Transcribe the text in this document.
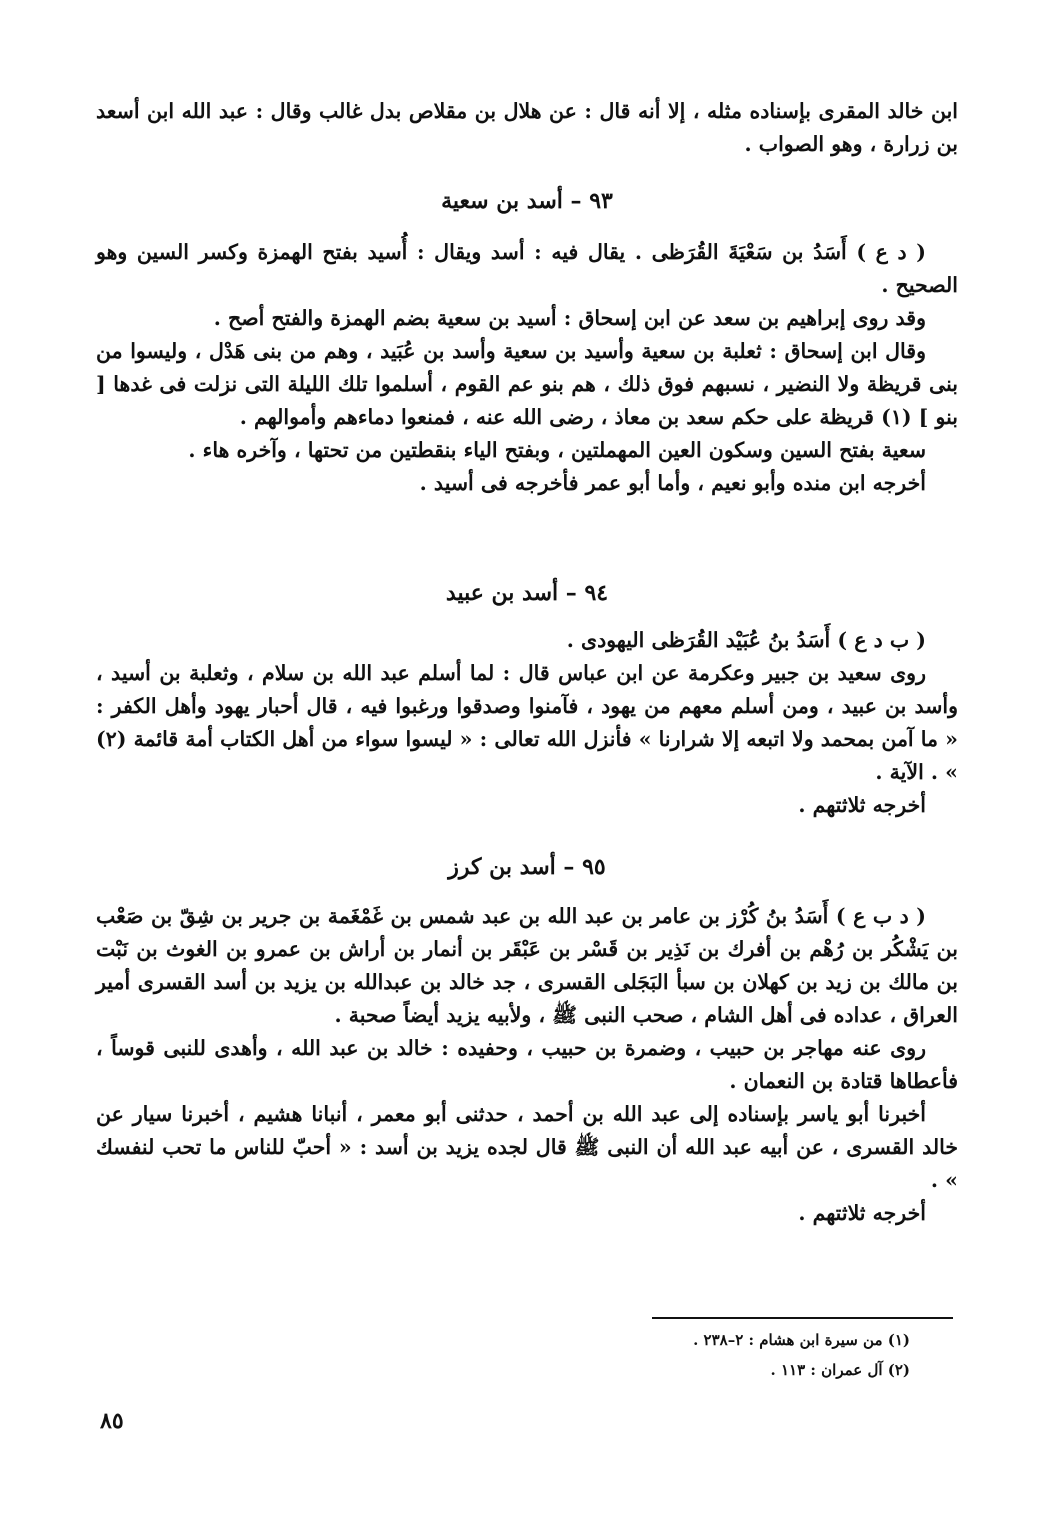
ابن خالد المقرى بإسناده مثله ، إلا أنه قال : عن هلال بن مقلاص بدل غالب وقال : عبد الله ابن أسعد بن زرارة ، وهو الصواب .

٩٣ – أسد بن سعية

( د ع ) أَسَدُ بن سَعْيَةَ القُرَظى . يقال فيه : أسد ويقال : أُسيد بفتح الهمزة وكسر السين وهو الصحيح .

وقد روى إبراهيم بن سعد عن ابن إسحاق : أسيد بن سعية بضم الهمزة والفتح أصح .

وقال ابن إسحاق : ثعلبة بن سعية وأسيد بن سعية وأسد بن عُبَيد ، وهم من بنى هَدْل ، وليسوا من بنى قريظة ولا النضير ، نسبهم فوق ذلك ، هم بنو عم القوم ، أسلموا تلك الليلة التى نزلت فى غدها [ بنو ] (١) قريظة على حكم سعد بن معاذ ، رضى الله عنه ، فمنعوا دماءهم وأموالهم .

سعية بفتح السين وسكون العين المهملتين ، وبفتح الياء بنقطتين من تحتها ، وآخره هاء .

أخرجه ابن منده وأبو نعيم ، وأما أبو عمر فأخرجه فى أسيد .

٩٤ – أسد بن عبيد

( ب د ع ) أَسَدُ بنُ عُبَيْد القُرَظى اليهودى .

روى سعيد بن جبير وعكرمة عن ابن عباس قال : لما أسلم عبد الله بن سلام ، وثعلبة بن أسيد ، وأسد بن عبيد ، ومن أسلم معهم من يهود ، فآمنوا وصدقوا ورغبوا فيه ، قال أحبار يهود وأهل الكفر : « ما آمن بمحمد ولا اتبعه إلا شرارنا » فأنزل الله تعالى : « ليسوا سواء من أهل الكتاب أمة قائمة (٢) » . الآية .

أخرجه ثلاثتهم .

٩٥ – أسد بن كرز

( د ب ع ) أَسَدُ بنُ كُرْز بن عامر بن عبد الله بن عبد شمس بن غَمْغَمة بن جرير بن شِقّ بن صَعْب بن يَشْكُر بن رُهْم بن أفرك بن نَذِير بن قَسْر بن عَبْقَر بن أنمار بن أراش بن عمرو بن الغوث بن نَبْت بن مالك بن زيد بن كهلان بن سبأ البَجَلى القسرى ، جد خالد بن عبدالله بن يزيد بن أسد القسرى أمير العراق ، عداده فى أهل الشام ، صحب النبى ﷺ ، ولأبيه يزيد أيضاً صحبة .

روى عنه مهاجر بن حبيب ، وضمرة بن حبيب ، وحفيده : خالد بن عبد الله ، وأهدى للنبى قوساً ، فأعطاها قتادة بن النعمان .

أخبرنا أبو ياسر بإسناده إلى عبد الله بن أحمد ، حدثنى أبو معمر ، أنبانا هشيم ، أخبرنا سيار عن خالد القسرى ، عن أبيه عبد الله أن النبى ﷺ قال لجده يزيد بن أسد : « أحبّ للناس ما تحب لنفسك » .

أخرجه ثلاثتهم .

(١) من سيرة ابن هشام : ٢–٢٣٨ .
(٢) آل عمران : ١١٣ .
٨٥
